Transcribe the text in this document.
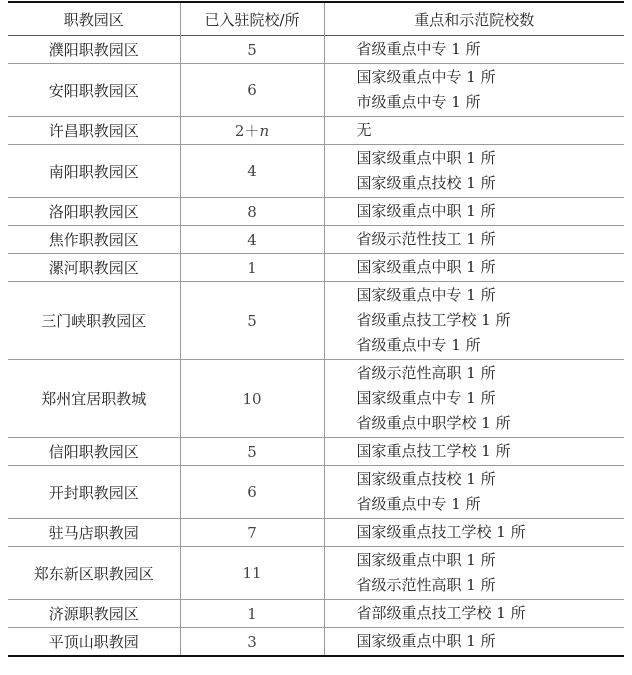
职教园区	已入驻院校/所	重点和示范院校数
濮阳职教园区	5	省级重点中专 1 所

安阳职教园区	6	国家级重点中专 1 所
市级重点中专 1 所

许昌职教园区	2＋n	无

南阳职教园区	4	国家级重点中职 1 所
国家级重点技校 1 所

洛阳职教园区	8	国家级重点中职 1 所

焦作职教园区	4	省级示范性技工 1 所

漯河职教园区	1	国家级重点中职 1 所

三门峡职教园区	5	国家级重点中专 1 所
省级重点技工学校 1 所
省级重点中专 1 所

郑州宜居职教城	10	省级示范性高职 1 所
国家级重点中专 1 所
省级重点中职学校 1 所

信阳职教园区	5	国家重点技工学校 1 所

开封职教园区	6	国家级重点技校 1 所
省级重点中专 1 所

驻马店职教园	7	国家级重点技工学校 1 所

郑东新区职教园区	11	国家级重点中职 1 所
省级示范性高职 1 所

济源职教园区	1	省部级重点技工学校 1 所

平顶山职教园	3	国家级重点中职 1 所
